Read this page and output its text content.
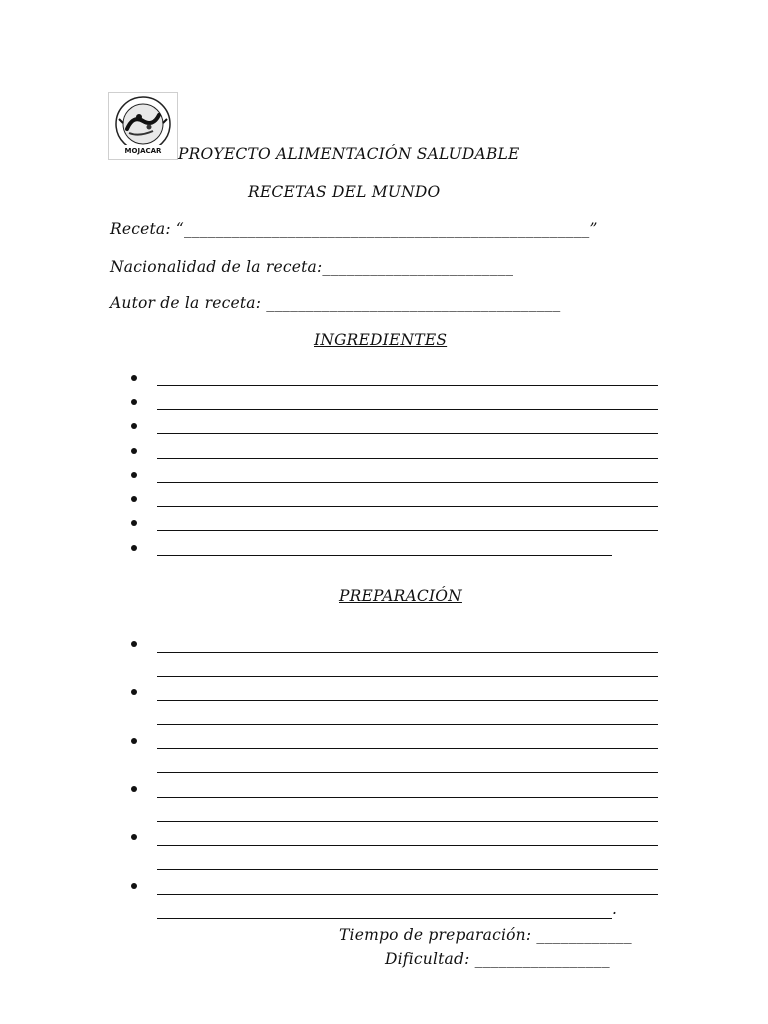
MOJACAR PROYECTO ALIMENTACIÓN SALUDABLE
RECETAS DEL MUNDO
Receta: “___________________________________________________”
Nacionalidad de la receta:________________________
Autor de la receta: _____________________________________
INGREDIENTES
PREPARACIÓN
.
Tiempo de preparación: ____________
Dificultad: _________________
